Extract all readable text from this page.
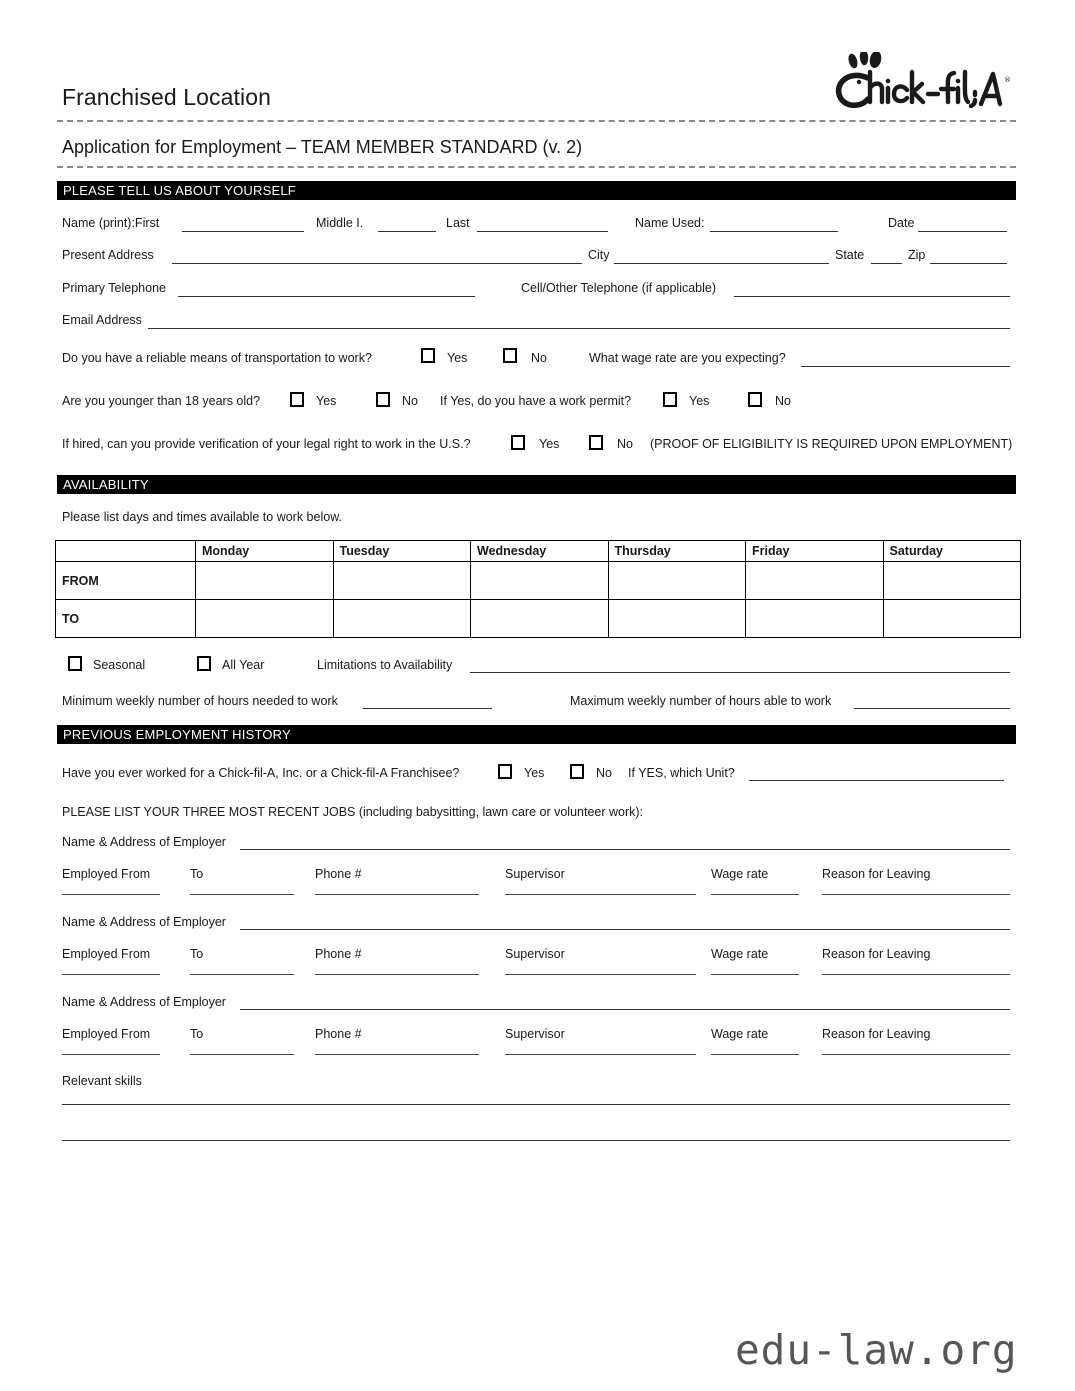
Franchised Location
®
Application for Employment – TEAM MEMBER STANDARD (v. 2)
PLEASE TELL US ABOUT YOURSELF
Name (print):First	Middle I.	Last	Name Used:	Date
Present Address	City	State	Zip
Primary Telephone	Cell/Other Telephone (if applicable)
Email Address
Do you have a reliable means of transportation to work?	Yes	No	What wage rate are you expecting?
Are you younger than 18 years old?	Yes	No If Yes, do you have a work permit?	Yes	No
If hired, can you provide verification of your legal right to work in the U.S.?	Yes	No (PROOF OF ELIGIBILITY IS REQUIRED UPON EMPLOYMENT)
AVAILABILITY
Please list days and times available to work below.
	Monday	Tuesday	Wednesday	Thursday	Friday	Saturday
FROM						
TO						
Seasonal	All Year	Limitations to Availability
Minimum weekly number of hours needed to work	Maximum weekly number of hours able to work
PREVIOUS EMPLOYMENT HISTORY
Have you ever worked for a Chick-fil-A, Inc. or a Chick-fil-A Franchisee?	Yes	No If YES, which Unit?
PLEASE LIST YOUR THREE MOST RECENT JOBS (including babysitting, lawn care or volunteer work):
Name & Address of Employer
Employed From	To	Phone #	Supervisor	Wage rate	Reason for Leaving
Name & Address of Employer
Employed From	To	Phone #	Supervisor	Wage rate	Reason for Leaving
Name & Address of Employer
Employed From	To	Phone #	Supervisor	Wage rate	Reason for Leaving
Relevant skills
edu-law.org
